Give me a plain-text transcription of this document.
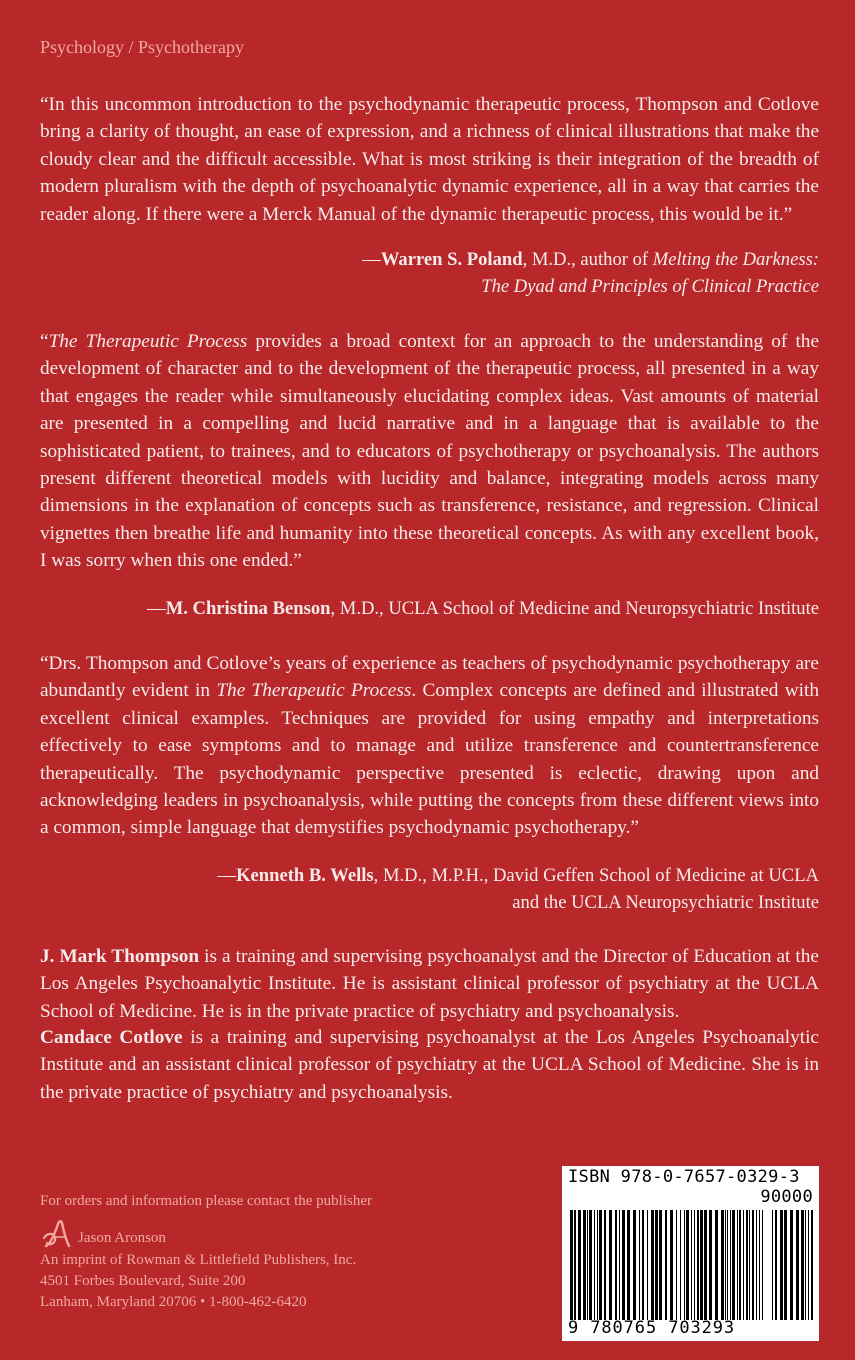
Psychology / Psychotherapy

“In this uncommon introduction to the psychodynamic therapeutic process, Thompson and Cotlove bring a clarity of thought, an ease of expression, and a richness of clinical illustrations that make the cloudy clear and the difficult accessible. What is most striking is their integration of the breadth of modern pluralism with the depth of psychoanalytic dynamic experience, all in a way that carries the reader along. If there were a Merck Manual of the dynamic therapeutic process, this would be it.”

—Warren S. Poland, M.D., author of Melting the Darkness:
The Dyad and Principles of Clinical Practice

“The Therapeutic Process provides a broad context for an approach to the understanding of the development of character and to the development of the therapeutic process, all presented in a way that engages the reader while simultaneously elucidating complex ideas. Vast amounts of material are presented in a compelling and lucid narrative and in a language that is available to the sophisticated patient, to trainees, and to educators of psychotherapy or psychoanalysis. The authors present different theoretical models with lucidity and balance, integrating models across many dimensions in the explanation of concepts such as transference, resistance, and regression. Clinical vignettes then breathe life and humanity into these theoretical concepts. As with any excellent book, I was sorry when this one ended.”

—M. Christina Benson, M.D., UCLA School of Medicine and Neuropsychiatric Institute

“Drs. Thompson and Cotlove’s years of experience as teachers of psychodynamic psychotherapy are abundantly evident in The Therapeutic Process. Complex concepts are defined and illustrated with excellent clinical examples. Techniques are provided for using empathy and interpretations effectively to ease symptoms and to manage and utilize transference and countertransference therapeutically. The psychodynamic perspective presented is eclectic, drawing upon and acknowledging leaders in psychoanalysis, while putting the concepts from these different views into a common, simple language that demystifies psychodynamic psychotherapy.”

—Kenneth B. Wells, M.D., M.P.H., David Geffen School of Medicine at UCLA
and the UCLA Neuropsychiatric Institute

J. Mark Thompson is a training and supervising psychoanalyst and the Director of Education at the Los Angeles Psychoanalytic Institute. He is assistant clinical professor of psychiatry at the UCLA School of Medicine. He is in the private practice of psychiatry and psychoanalysis.

Candace Cotlove is a training and supervising psychoanalyst at the Los Angeles Psychoanalytic Institute and an assistant clinical professor of psychiatry at the UCLA School of Medicine. She is in the private practice of psychiatry and psychoanalysis.

For orders and information please contact the publisher
Jason Aronson
An imprint of Rowman & Littlefield Publishers, Inc.
4501 Forbes Boulevard, Suite 200
Lanham, Maryland 20706 • 1-800-462-6420
ISBN 978-0-7657-0329-3
90000
9 780765 703293
